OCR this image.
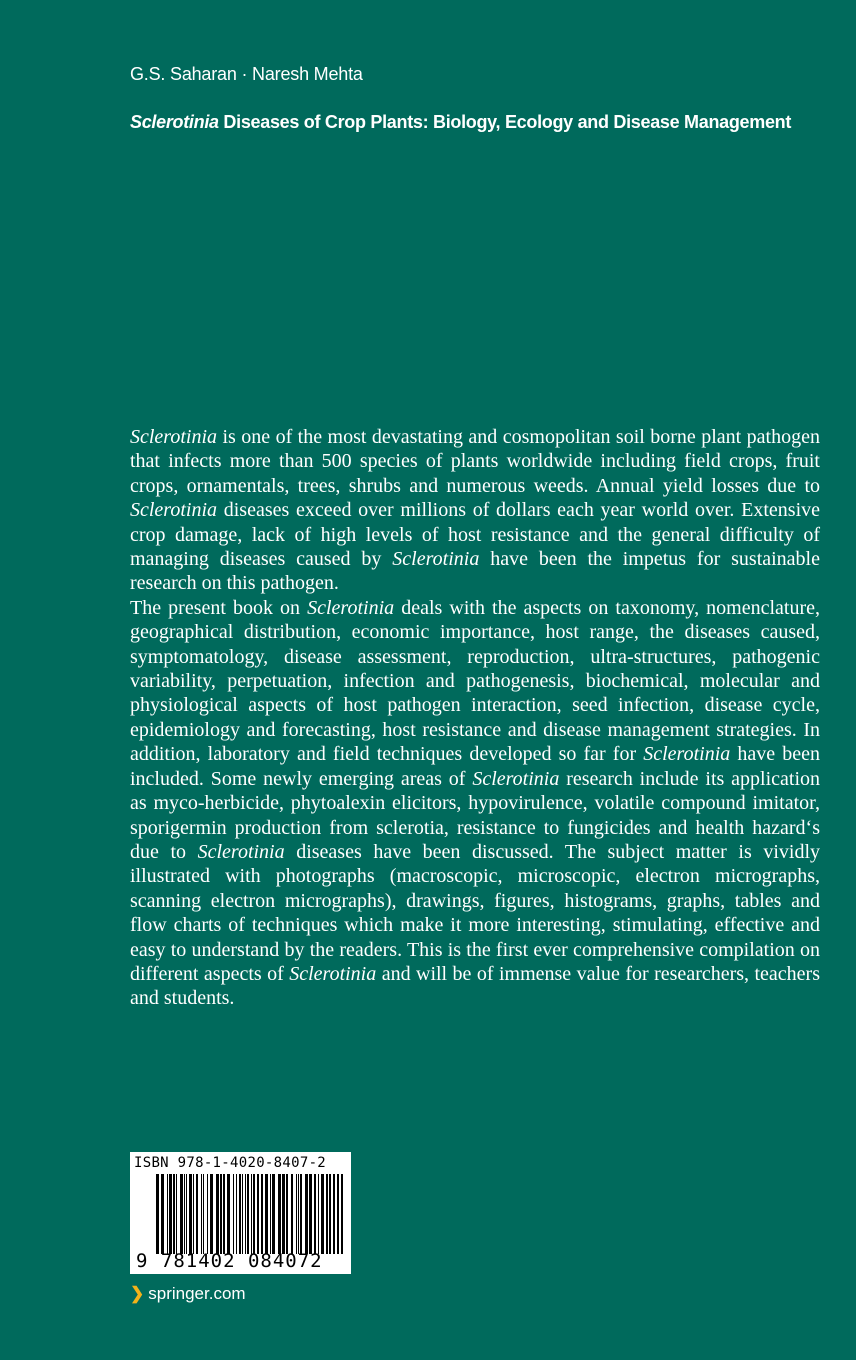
G.S. Saharan · Naresh Mehta
Sclerotinia Diseases of Crop Plants: Biology, Ecology and Disease Management

Sclerotinia is one of the most devastating and cosmopolitan soil borne plant pathogen that infects more than 500 species of plants worldwide including field crops, fruit crops, ornamentals, trees, shrubs and numerous weeds. Annual yield losses due to Sclerotinia diseases exceed over millions of dollars each year world over. Extensive crop damage, lack of high levels of host resistance and the general difficulty of managing diseases caused by Sclerotinia have been the impetus for sustainable research on this pathogen.

The present book on Sclerotinia deals with the aspects on taxonomy, nomenclature, geographical distribution, economic importance, host range, the diseases caused, symptomatology, disease assessment, reproduction, ultra-structures, pathogenic variability, perpetuation, infection and pathogenesis, biochemical, molecular and physiological aspects of host pathogen interaction, seed infection, disease cycle, epidemiology and forecasting, host resistance and disease management strategies. In addition, laboratory and field techniques developed so far for Sclerotinia have been included. Some newly emerging areas of Sclerotinia research include its application as myco-herbicide, phytoalexin elicitors, hypovirulence, volatile compound imitator, sporigermin production from sclerotia, resistance to fungicides and health hazard‘s due to Sclerotinia diseases have been discussed. The subject matter is vividly illustrated with photographs (macroscopic, microscopic, electron micrographs, scanning electron micrographs), drawings, figures, histograms, graphs, tables and flow charts of techniques which make it more interesting, stimulating, effective and easy to understand by the readers. This is the first ever comprehensive compilation on different aspects of Sclerotinia and will be of immense value for researchers, teachers and students.

ISBN 978-1-4020-8407-2
9 781402 084072
❯ springer.com
